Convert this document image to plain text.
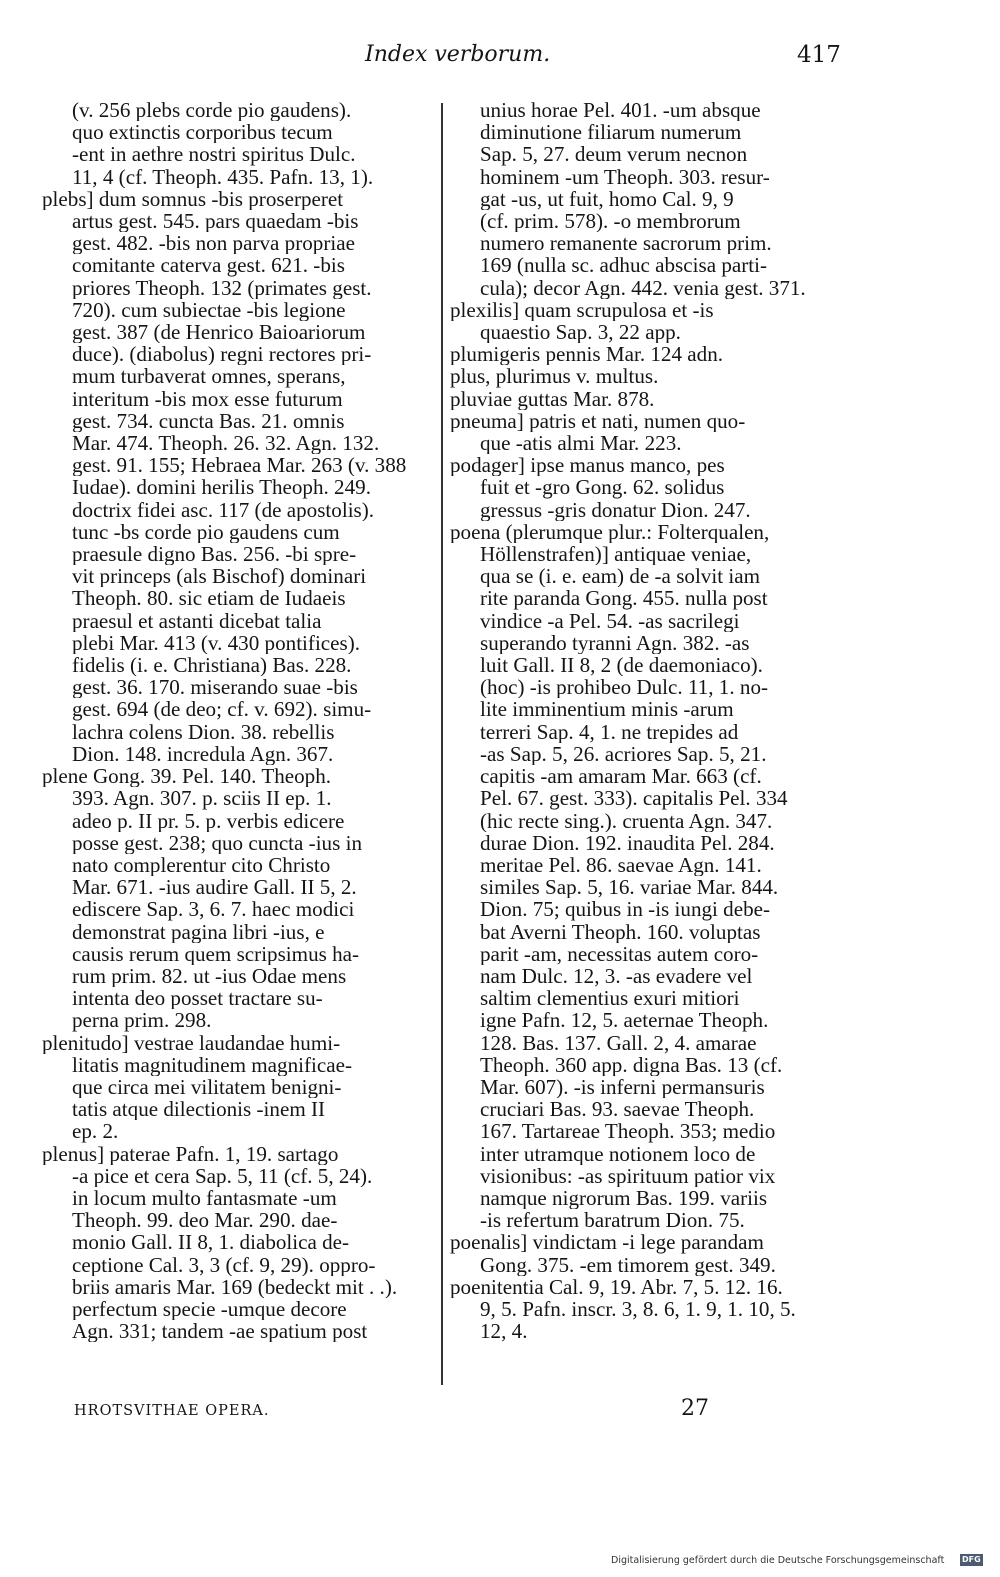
Index verborum.	417
(v. 256 plebs corde pio gaudens).
quo extinctis corporibus tecum
-ent in aethre nostri spiritus Dulc.
11, 4 (cf. Theoph. 435. Pafn. 13, 1).
plebs] dum somnus -bis proserperet
artus gest. 545. pars quaedam -bis
gest. 482. -bis non parva propriae
comitante caterva gest. 621. -bis
priores Theoph. 132 (primates gest.
720). cum subiectae -bis legione
gest. 387 (de Henrico Baioariorum
duce). (diabolus) regni rectores pri-
mum turbaverat omnes, sperans,
interitum -bis mox esse futurum
gest. 734. cuncta Bas. 21. omnis
Mar. 474. Theoph. 26. 32. Agn. 132.
gest. 91. 155; Hebraea Mar. 263 (v. 388
Iudae). domini herilis Theoph. 249.
doctrix fidei asc. 117 (de apostolis).
tunc -bs corde pio gaudens cum
praesule digno Bas. 256. -bi spre-
vit princeps (als Bischof) dominari
Theoph. 80. sic etiam de Iudaeis
praesul et astanti dicebat talia
plebi Mar. 413 (v. 430 pontifices).
fidelis (i. e. Christiana) Bas. 228.
gest. 36. 170. miserando suae -bis
gest. 694 (de deo; cf. v. 692). simu-
lachra colens Dion. 38. rebellis
Dion. 148. incredula Agn. 367.
plene Gong. 39. Pel. 140. Theoph.
393. Agn. 307. p. sciis II ep. 1.
adeo p. II pr. 5. p. verbis edicere
posse gest. 238; quo cuncta -ius in
nato complerentur cito Christo
Mar. 671. -ius audire Gall. II 5, 2.
ediscere Sap. 3, 6. 7. haec modici
demonstrat pagina libri -ius, e
causis rerum quem scripsimus ha-
rum prim. 82. ut -ius Odae mens
intenta deo posset tractare su-
perna prim. 298.
plenitudo] vestrae laudandae humi-
litatis magnitudinem magnificae-
que circa mei vilitatem benigni-
tatis atque dilectionis -inem II
ep. 2.
plenus] paterae Pafn. 1, 19. sartago
-a pice et cera Sap. 5, 11 (cf. 5, 24).
in locum multo fantasmate -um
Theoph. 99. deo Mar. 290. dae-
monio Gall. II 8, 1. diabolica de-
ceptione Cal. 3, 3 (cf. 9, 29). oppro-
briis amaris Mar. 169 (bedeckt mit . .).
perfectum specie -umque decore
Agn. 331; tandem -ae spatium post
unius horae Pel. 401. -um absque
diminutione filiarum numerum
Sap. 5, 27. deum verum necnon
hominem -um Theoph. 303. resur-
gat -us, ut fuit, homo Cal. 9, 9
(cf. prim. 578). -o membrorum
numero remanente sacrorum prim.
169 (nulla sc. adhuc abscisa parti-
cula); decor Agn. 442. venia gest. 371.
plexilis] quam scrupulosa et -is
quaestio Sap. 3, 22 app.
plumigeris pennis Mar. 124 adn.
plus, plurimus v. multus.
pluviae guttas Mar. 878.
pneuma] patris et nati, numen quo-
que -atis almi Mar. 223.
podager] ipse manus manco, pes
fuit et -gro Gong. 62. solidus
gressus -gris donatur Dion. 247.
poena (plerumque plur.: Folterqualen,
Höllenstrafen)] antiquae veniae,
qua se (i. e. eam) de -a solvit iam
rite paranda Gong. 455. nulla post
vindice -a Pel. 54. -as sacrilegi
superando tyranni Agn. 382. -as
luit Gall. II 8, 2 (de daemoniaco).
(hoc) -is prohibeo Dulc. 11, 1. no-
lite imminentium minis -arum
terreri Sap. 4, 1. ne trepides ad
-as Sap. 5, 26. acriores Sap. 5, 21.
capitis -am amaram Mar. 663 (cf.
Pel. 67. gest. 333). capitalis Pel. 334
(hic recte sing.). cruenta Agn. 347.
durae Dion. 192. inaudita Pel. 284.
meritae Pel. 86. saevae Agn. 141.
similes Sap. 5, 16. variae Mar. 844.
Dion. 75; quibus in -is iungi debe-
bat Averni Theoph. 160. voluptas
parit -am, necessitas autem coro-
nam Dulc. 12, 3. -as evadere vel
saltim clementius exuri mitiori
igne Pafn. 12, 5. aeternae Theoph.
128. Bas. 137. Gall. 2, 4. amarae
Theoph. 360 app. digna Bas. 13 (cf.
Mar. 607). -is inferni permansuris
cruciari Bas. 93. saevae Theoph.
167. Tartareae Theoph. 353; medio
inter utramque notionem loco de
visionibus: -as spirituum patior vix
namque nigrorum Bas. 199. variis
-is refertum baratrum Dion. 75.
poenalis] vindictam -i lege parandam
Gong. 375. -em timorem gest. 349.
poenitentia Cal. 9, 19. Abr. 7, 5. 12. 16.
9, 5. Pafn. inscr. 3, 8. 6, 1. 9, 1. 10, 5.
12, 4.
HROTSVITHAE OPERA.	27
Digitalisierung gefördert durch die Deutsche Forschungsgemeinschaft DFG
